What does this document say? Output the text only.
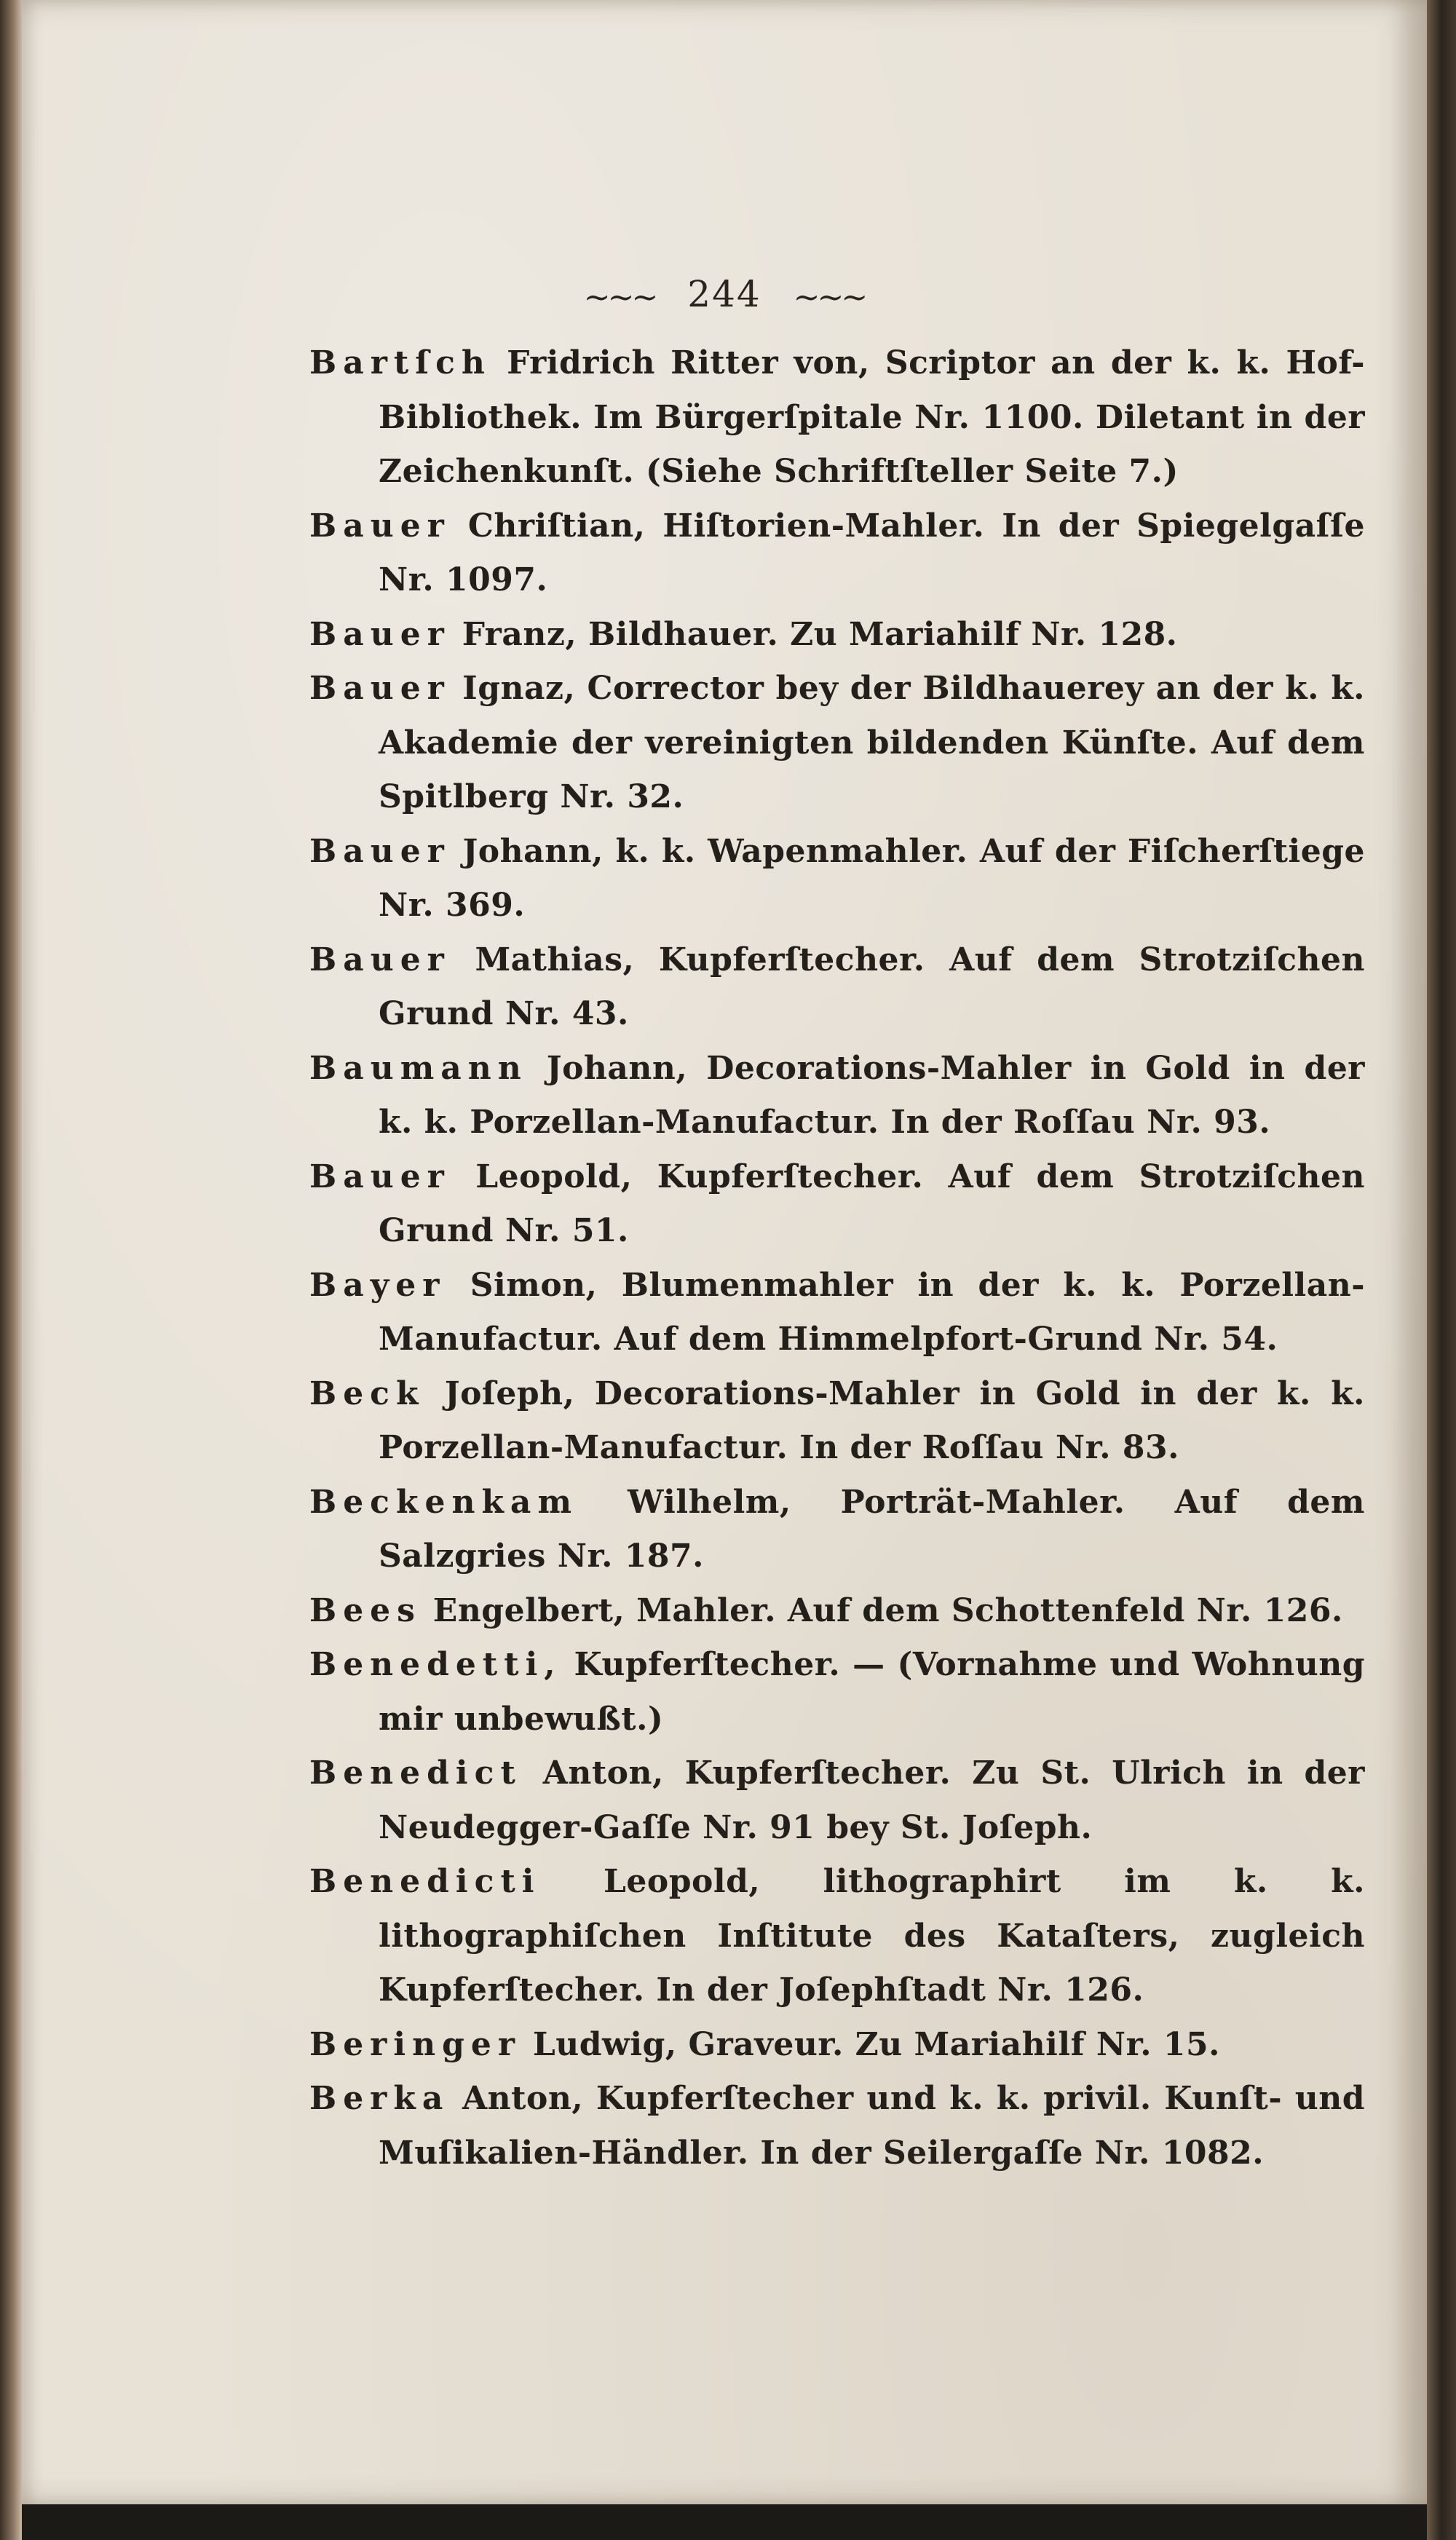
~~~ 244 ~~~
Bartſch Fridrich Ritter von, Scriptor an der k. k. Hof-Bibliothek. Im Bürgerſpitale Nr. 1100. Diletant in der Zeichenkunſt. (Siehe Schriftſteller Seite 7.)
Bauer Chriſtian, Hiſtorien-Mahler. In der Spiegelgaſſe Nr. 1097.
Bauer Franz, Bildhauer. Zu Mariahilf Nr. 128.
Bauer Ignaz, Corrector bey der Bildhauerey an der k. k. Akademie der vereinigten bildenden Künſte. Auf dem Spitlberg Nr. 32.
Bauer Johann, k. k. Wapenmahler. Auf der Fiſcherſtiege Nr. 369.
Bauer Mathias, Kupferſtecher. Auf dem Strotziſchen Grund Nr. 43.
Baumann Johann, Decorations-Mahler in Gold in der k. k. Porzellan-Manufactur. In der Roſſau Nr. 93.
Bauer Leopold, Kupferſtecher. Auf dem Strotziſchen Grund Nr. 51.
Bayer Simon, Blumenmahler in der k. k. Porzellan-Manufactur. Auf dem Himmelpfort-Grund Nr. 54.
Beck Joſeph, Decorations-Mahler in Gold in der k. k. Porzellan-Manufactur. In der Roſſau Nr. 83.
Beckenkam Wilhelm, Porträt-Mahler. Auf dem Salzgries Nr. 187.
Bees Engelbert, Mahler. Auf dem Schottenfeld Nr. 126.
Benedetti, Kupferſtecher. — (Vornahme und Wohnung mir unbewußt.)
Benedict Anton, Kupferſtecher. Zu St. Ulrich in der Neudegger-Gaſſe Nr. 91 bey St. Joſeph.
Benedicti Leopold, lithographirt im k. k. lithographiſchen Inſtitute des Kataſters, zugleich Kupferſtecher. In der Joſephſtadt Nr. 126.
Beringer Ludwig, Graveur. Zu Mariahilf Nr. 15.
Berka Anton, Kupferſtecher und k. k. privil. Kunſt- und Muſikalien-Händler. In der Seilergaſſe Nr. 1082.
